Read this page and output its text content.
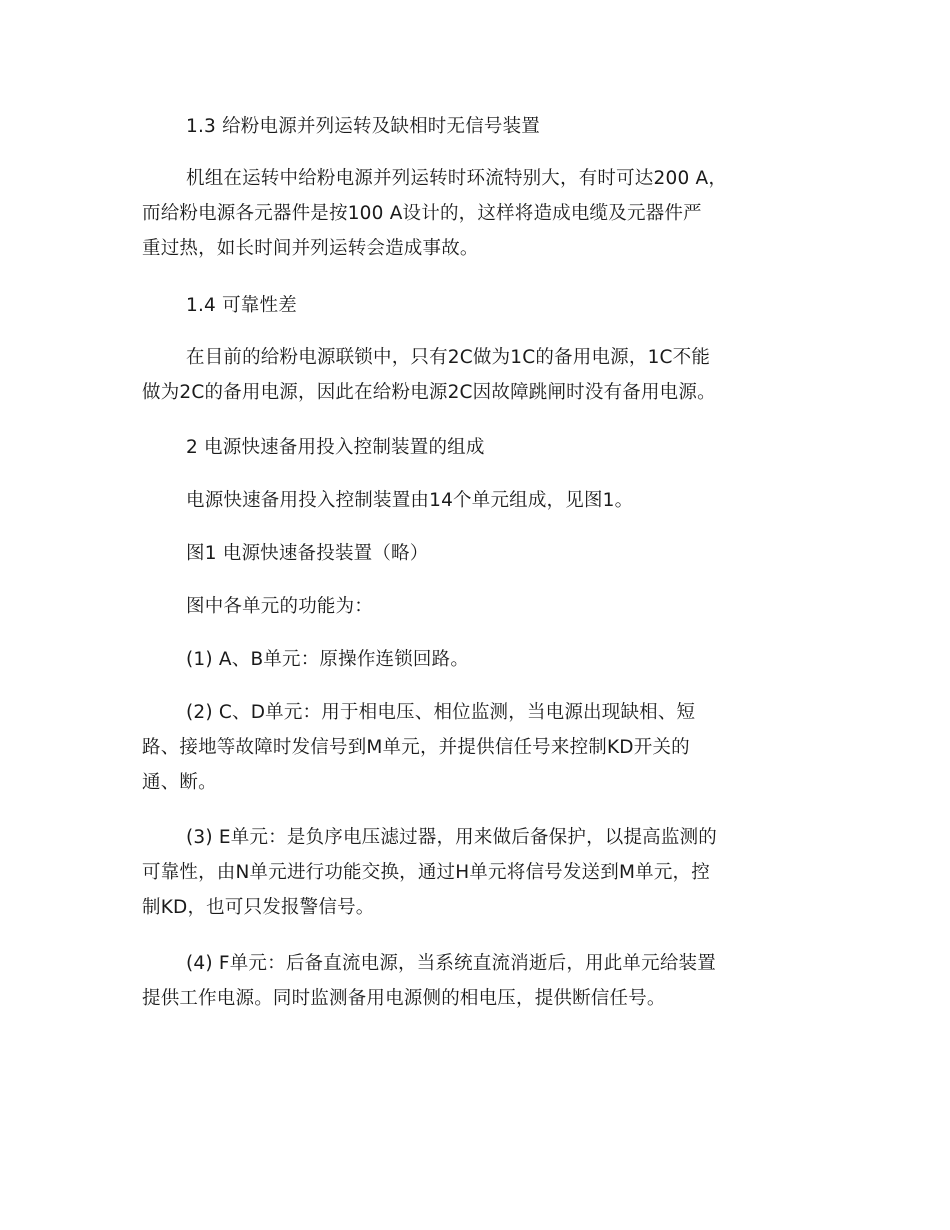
1.3 给粉电源并列运转及缺相时无信号装置

机组在运转中给粉电源并列运转时环流特别大，有时可达200 A，
而给粉电源各元器件是按100 A设计的，这样将造成电缆及元器件严
重过热，如长时间并列运转会造成事故。

1.4 可靠性差

在目前的给粉电源联锁中，只有2C做为1C的备用电源，1C不能
做为2C的备用电源，因此在给粉电源2C因故障跳闸时没有备用电源。

2 电源快速备用投入控制装置的组成

电源快速备用投入控制装置由14个单元组成，见图1。

图1 电源快速备投装置（略）

图中各单元的功能为：

(1) A、B单元：原操作连锁回路。

(2) C、D单元：用于相电压、相位监测，当电源出现缺相、短
路、接地等故障时发信号到M单元，并提供信任号来控制KD开关的
通、断。

(3) E单元：是负序电压滤过器，用来做后备保护，以提高监测的
可靠性，由N单元进行功能交换，通过H单元将信号发送到M单元，控
制KD，也可只发报警信号。

(4) F单元：后备直流电源，当系统直流消逝后，用此单元给装置
提供工作电源。同时监测备用电源侧的相电压，提供断信任号。
